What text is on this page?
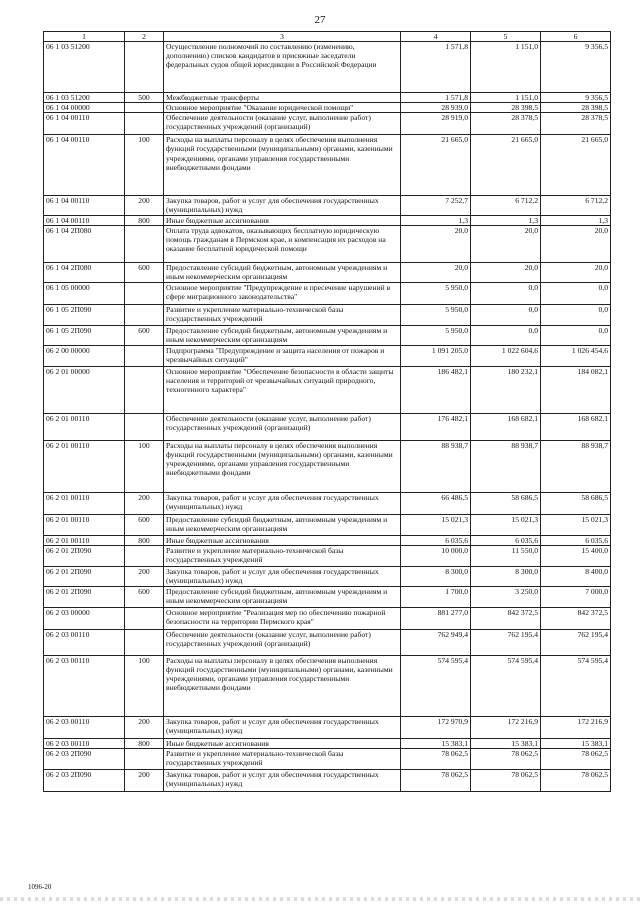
27
1	2	3	4	5	6
06 1 03 51200		Осуществление полномочий по составлению (изменению, дополнению) списков кандидатов в присяжные заседатели федеральных судов общей юрисдикции в Российской Федерации	1 571,8	1 151,0	9 356,5
06 1 03 51200	500	Межбюджетные трансферты	1 571,8	1 151,0	9 356,5
06 1 04 00000		Основное мероприятие "Оказание юридической помощи"	28 939,0	28 398,5	28 398,5
06 1 04 00110		Обеспечение деятельности (оказание услуг, выполнение работ) государственных учреждений (организаций)	28 919,0	28 378,5	28 378,5
06 1 04 00110	100	Расходы на выплаты персоналу в целях обеспечения выполнения функций государственными (муниципальными) органами, казенными учреждениями, органами управления государственными внебюджетными фондами	21 665,0	21 665,0	21 665,0
06 1 04 00110	200	Закупка товаров, работ и услуг для обеспечения государственных (муниципальных) нужд	7 252,7	6 712,2	6 712,2
06 1 04 00110	800	Иные бюджетные ассигнования	1,3	1,3	1,3
06 1 04 2П080		Оплата труда адвокатов, оказывающих бесплатную юридическую помощь гражданам в Пермском крае, и компенсация их расходов на оказание бесплатной юридической помощи	20,0	20,0	20,0
06 1 04 2П080	600	Предоставление субсидий бюджетным, автономным учреждениям и иным некоммерческим организациям	20,0	20,0	20,0
06 1 05 00000		Основное мероприятие "Предупреждение и пресечение нарушений в сфере миграционного законодательства"	5 950,0	0,0	0,0
06 1 05 2П090		Развитие и укрепление материально-технической базы государственных учреждений	5 950,0	0,0	0,0
06 1 05 2П090	600	Предоставление субсидий бюджетным, автономным учреждениям и иным некоммерческим организациям	5 950,0	0,0	0,0
06 2 00 00000		Подпрограмма "Предупреждение и защита населения от пожаров и чрезвычайных ситуаций"	1 091 205,0	1 022 604,6	1 026 454,6
06 2 01 00000		Основное мероприятие "Обеспечение безопасности в области защиты населения и территорий от чрезвычайных ситуаций природного, техногенного характера"	186 482,1	180 232,1	184 082,1
06 2 01 00110		Обеспечение деятельности (оказание услуг, выполнение работ) государственных учреждений (организаций)	176 482,1	168 682,1	168 682,1
06 2 01 00110	100	Расходы на выплаты персоналу в целях обеспечения выполнения функций государственными (муниципальными) органами, казенными учреждениями, органами управления государственными внебюджетными фондами	88 938,7	88 938,7	88 938,7
06 2 01 00110	200	Закупка товаров, работ и услуг для обеспечения государственных (муниципальных) нужд	66 486,5	58 686,5	58 686,5
06 2 01 00110	600	Предоставление субсидий бюджетным, автономным учреждениям и иным некоммерческим организациям	15 021,3	15 021,3	15 021,3
06 2 01 00110	800	Иные бюджетные ассигнования	6 035,6	6 035,6	6 035,6
06 2 01 2П090		Развитие и укрепление материально-технической базы государственных учреждений	10 000,0	11 550,0	15 400,0
06 2 01 2П090	200	Закупка товаров, работ и услуг для обеспечения государственных (муниципальных) нужд	8 300,0	8 300,0	8 400,0
06 2 01 2П090	600	Предоставление субсидий бюджетным, автономным учреждениям и иным некоммерческим организациям	1 700,0	3 250,0	7 000,0
06 2 03 00000		Основное мероприятие "Реализация мер по обеспечению пожарной безопасности на территории Пермского края"	881 277,0	842 372,5	842 372,5
06 2 03 00110		Обеспечение деятельности (оказание услуг, выполнение работ) государственных учреждений (организаций)	762 949,4	762 195,4	762 195,4
06 2 03 00110	100	Расходы на выплаты персоналу в целях обеспечения выполнения функций государственными (муниципальными) органами, казенными учреждениями, органами управления государственными внебюджетными фондами	574 595,4	574 595,4	574 595,4
06 2 03 00110	200	Закупка товаров, работ и услуг для обеспечения государственных (муниципальных) нужд	172 970,9	172 216,9	172 216,9
06 2 03 00110	800	Иные бюджетные ассигнования	15 383,1	15 383,1	15 383,1
06 2 03 2П090		Развитие и укрепление материально-технической базы государственных учреждений	78 062,5	78 062,5	78 062,5
06 2 03 2П090	200	Закупка товаров, работ и услуг для обеспечения государственных (муниципальных) нужд	78 062,5	78 062,5	78 062,5
1096-20
